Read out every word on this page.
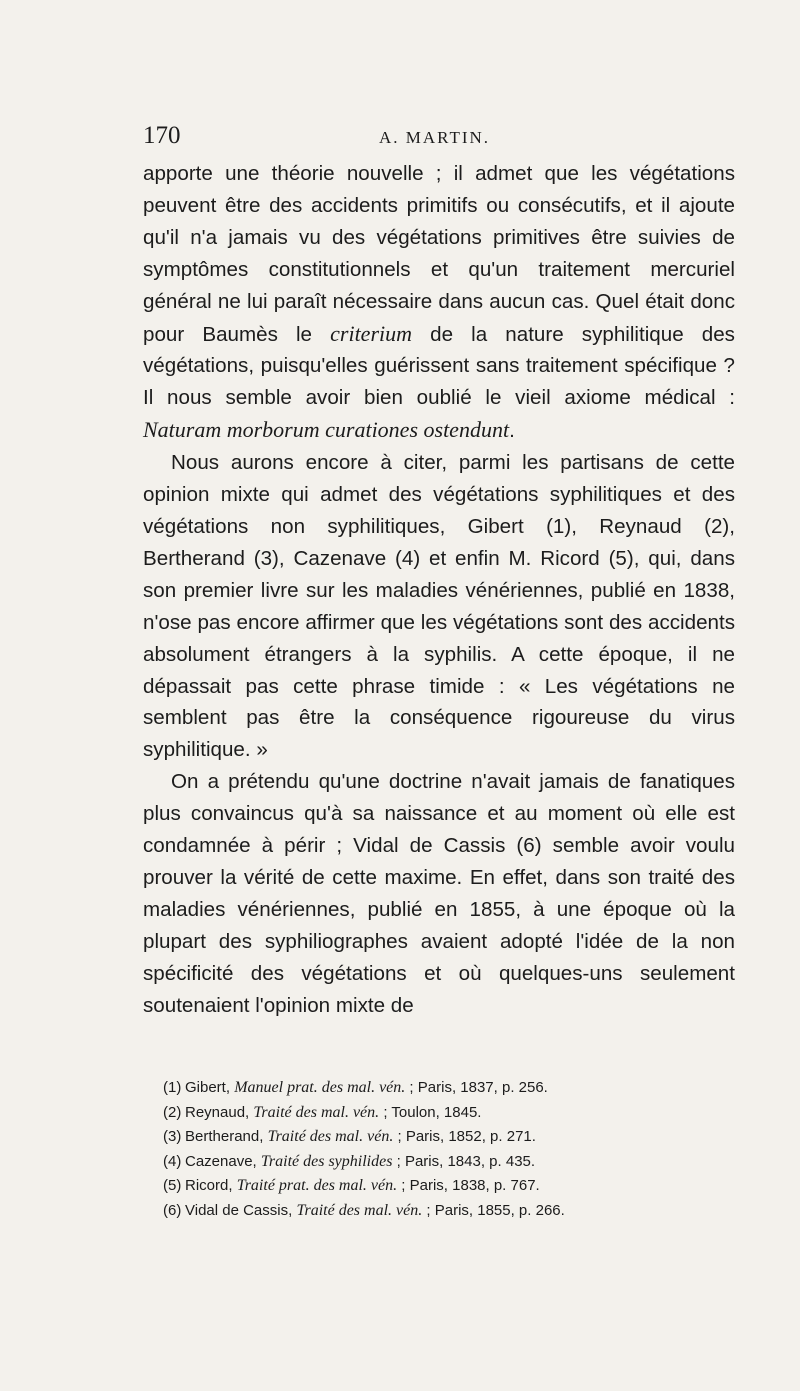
170	A. MARTIN.

apporte une théorie nouvelle ; il admet que les végétations peuvent être des accidents primitifs ou consécutifs, et il ajoute qu'il n'a jamais vu des végétations primitives être suivies de symptômes constitutionnels et qu'un traitement mercuriel général ne lui paraît nécessaire dans aucun cas. Quel était donc pour Baumès le criterium de la nature syphilitique des végétations, puisqu'elles guérissent sans traitement spécifique ? Il nous semble avoir bien oublié le vieil axiome médical : Naturam morborum curationes ostendunt.

Nous aurons encore à citer, parmi les partisans de cette opinion mixte qui admet des végétations syphilitiques et des végétations non syphilitiques, Gibert (1), Reynaud (2), Bertherand (3), Cazenave (4) et enfin M. Ricord (5), qui, dans son premier livre sur les maladies vénériennes, publié en 1838, n'ose pas encore affirmer que les végétations sont des accidents absolument étrangers à la syphilis. A cette époque, il ne dépassait pas cette phrase timide : « Les végétations ne semblent pas être la conséquence rigoureuse du virus syphilitique. »

On a prétendu qu'une doctrine n'avait jamais de fanatiques plus convaincus qu'à sa naissance et au moment où elle est condamnée à périr ; Vidal de Cassis (6) semble avoir voulu prouver la vérité de cette maxime. En effet, dans son traité des maladies vénériennes, publié en 1855, à une époque où la plupart des syphiliographes avaient adopté l'idée de la non spécificité des végétations et où quelques-uns seulement soutenaient l'opinion mixte de

(1) Gibert, Manuel prat. des mal. vén. ; Paris, 1837, p. 256.
(2) Reynaud, Traité des mal. vén. ; Toulon, 1845.
(3) Bertherand, Traité des mal. vén. ; Paris, 1852, p. 271.
(4) Cazenave, Traité des syphilides ; Paris, 1843, p. 435.
(5) Ricord, Traité prat. des mal. vén. ; Paris, 1838, p. 767.
(6) Vidal de Cassis, Traité des mal. vén. ; Paris, 1855, p. 266.
